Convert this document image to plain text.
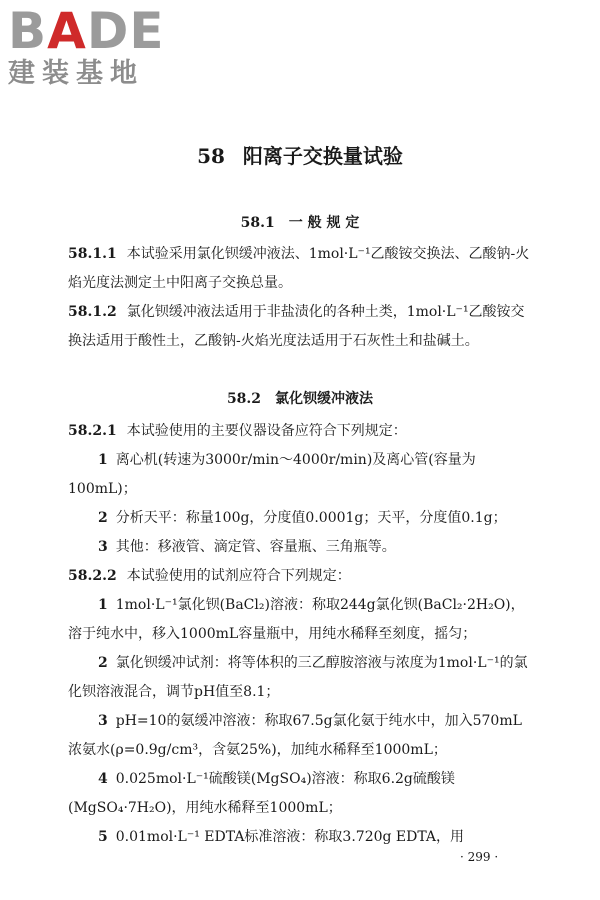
BADE
建装基地
58 阳离子交换量试验
58.1 一 般 规 定
58.1.1 本试验采用氯化钡缓冲液法、1mol·L⁻¹乙酸铵交换法、乙酸钠-火焰光度法测定土中阳离子交换总量。
58.1.2 氯化钡缓冲液法适用于非盐渍化的各种土类，1mol·L⁻¹乙酸铵交换法适用于酸性土，乙酸钠-火焰光度法适用于石灰性土和盐碱土。
58.2 氯化钡缓冲液法
58.2.1 本试验使用的主要仪器设备应符合下列规定：
1 离心机(转速为3000r/min～4000r/min)及离心管(容量为100mL)；
2 分析天平：称量100g，分度值0.0001g；天平，分度值0.1g；
3 其他：移液管、滴定管、容量瓶、三角瓶等。
58.2.2 本试验使用的试剂应符合下列规定：
1 1mol·L⁻¹氯化钡(BaCl₂)溶液：称取244g氯化钡(BaCl₂·2H₂O)，溶于纯水中，移入1000mL容量瓶中，用纯水稀释至刻度，摇匀；
2 氯化钡缓冲试剂：将等体积的三乙醇胺溶液与浓度为1mol·L⁻¹的氯化钡溶液混合，调节pH值至8.1；
3 pH=10的氨缓冲溶液：称取67.5g氯化氨于纯水中，加入570mL浓氨水(ρ=0.9g/cm³，含氨25%)，加纯水稀释至1000mL；
4 0.025mol·L⁻¹硫酸镁(MgSO₄)溶液：称取6.2g硫酸镁(MgSO₄·7H₂O)，用纯水稀释至1000mL；
5 0.01mol·L⁻¹ EDTA标准溶液：称取3.720g EDTA，用
· 299 ·
